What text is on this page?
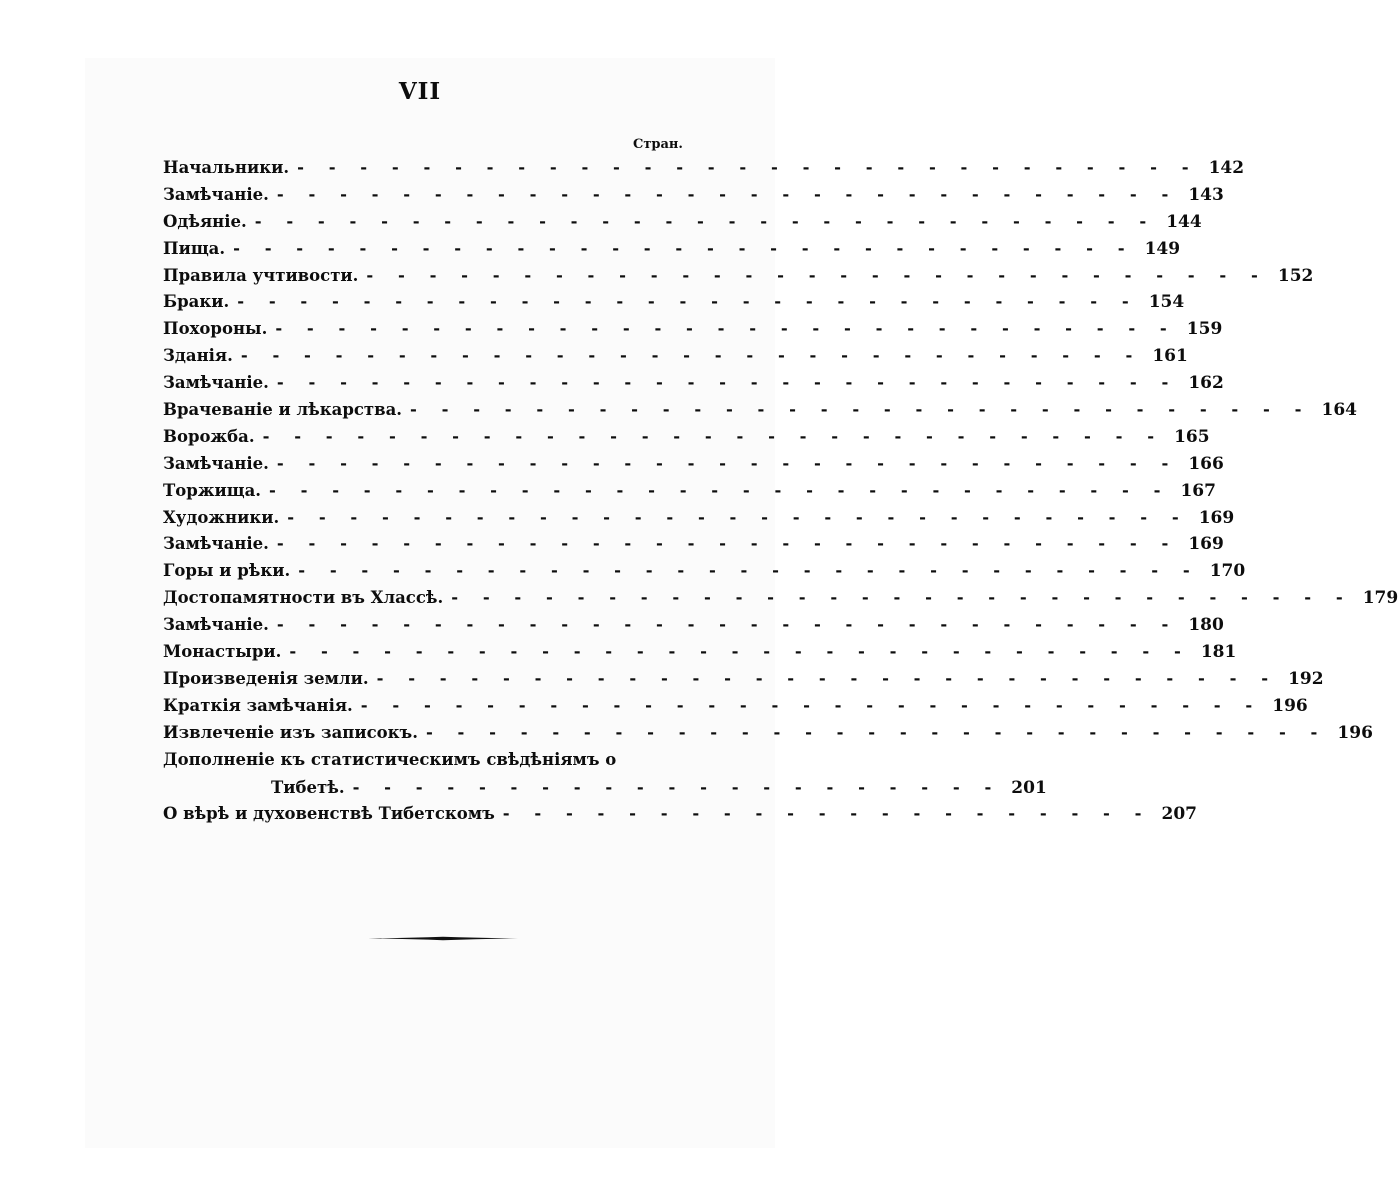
VII
Стран.
Начальники. - - - - - - - - - - - - - - - - - - - - - - - - - - - - - 142
Замѣчаніе. - - - - - - - - - - - - - - - - - - - - - - - - - - - - - 143
Одѣяніе. - - - - - - - - - - - - - - - - - - - - - - - - - - - - - 144
Пища. - - - - - - - - - - - - - - - - - - - - - - - - - - - - - 149
Правила учтивости. - - - - - - - - - - - - - - - - - - - - - - - - - - - - - 152
Браки. - - - - - - - - - - - - - - - - - - - - - - - - - - - - - 154
Похороны. - - - - - - - - - - - - - - - - - - - - - - - - - - - - - 159
Зданія. - - - - - - - - - - - - - - - - - - - - - - - - - - - - - 161
Замѣчаніе. - - - - - - - - - - - - - - - - - - - - - - - - - - - - - 162
Врачеваніе и лѣкарства. - - - - - - - - - - - - - - - - - - - - - - - - - - - - - 164
Ворожба. - - - - - - - - - - - - - - - - - - - - - - - - - - - - - 165
Замѣчаніе. - - - - - - - - - - - - - - - - - - - - - - - - - - - - - 166
Торжища. - - - - - - - - - - - - - - - - - - - - - - - - - - - - - 167
Художники. - - - - - - - - - - - - - - - - - - - - - - - - - - - - - 169
Замѣчаніе. - - - - - - - - - - - - - - - - - - - - - - - - - - - - - 169
Горы и рѣки. - - - - - - - - - - - - - - - - - - - - - - - - - - - - - 170
Достопамятности въ Хлассѣ. - - - - - - - - - - - - - - - - - - - - - - - - - - - - - 179
Замѣчаніе. - - - - - - - - - - - - - - - - - - - - - - - - - - - - - 180
Монастыри. - - - - - - - - - - - - - - - - - - - - - - - - - - - - - 181
Произведенія земли. - - - - - - - - - - - - - - - - - - - - - - - - - - - - - 192
Краткія замѣчанія. - - - - - - - - - - - - - - - - - - - - - - - - - - - - - 196
Извлеченіе изъ записокъ. - - - - - - - - - - - - - - - - - - - - - - - - - - - - - 196
Дополненіе къ статистическимъ свѣдѣніямъ о
Тибетѣ. - - - - - - - - - - - - - - - - - - - - - 201
О вѣрѣ и духовенствѣ Тибетскомъ - - - - - - - - - - - - - - - - - - - - - 207
